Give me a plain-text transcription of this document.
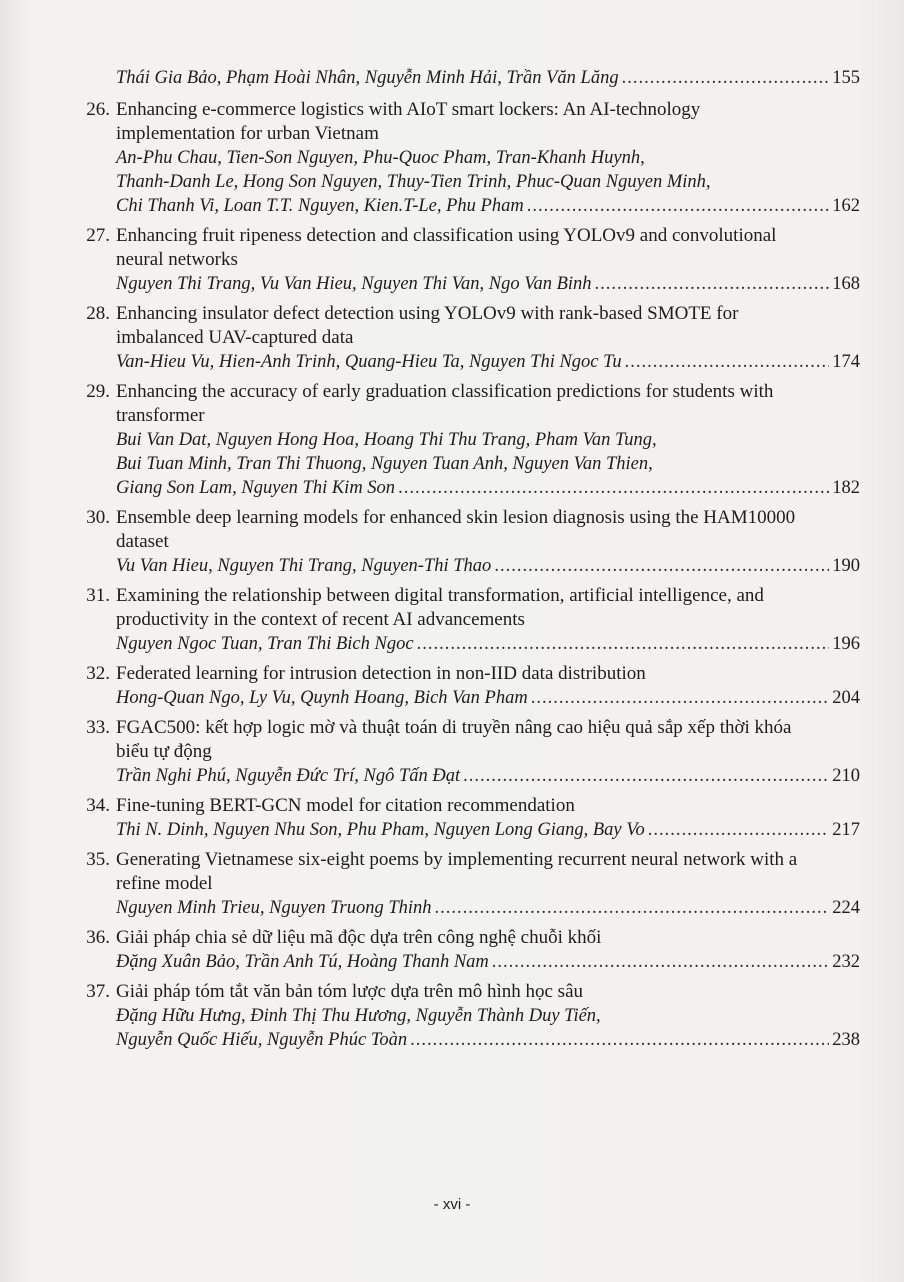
Thái Gia Bảo, Phạm Hoài Nhân, Nguyễn Minh Hải, Trần Văn Lăng .....	155
26. Enhancing e-commerce logistics with AIoT smart lockers: An AI-technology implementation for urban Vietnam
An-Phu Chau, Tien-Son Nguyen, Phu-Quoc Pham, Tran-Khanh Huynh,
Thanh-Danh Le, Hong Son Nguyen, Thuy-Tien Trinh, Phuc-Quan Nguyen Minh,
Chi Thanh Vi, Loan T.T. Nguyen, Kien.T-Le, Phu Pham .....	162
27. Enhancing fruit ripeness detection and classification using YOLOv9 and convolutional neural networks
Nguyen Thi Trang, Vu Van Hieu, Nguyen Thi Van, Ngo Van Binh .....	168
28. Enhancing insulator defect detection using YOLOv9 with rank-based SMOTE for imbalanced UAV-captured data
Van-Hieu Vu, Hien-Anh Trinh, Quang-Hieu Ta, Nguyen Thi Ngoc Tu .....	174
29. Enhancing the accuracy of early graduation classification predictions for students with transformer
Bui Van Dat, Nguyen Hong Hoa, Hoang Thi Thu Trang, Pham Van Tung,
Bui Tuan Minh, Tran Thi Thuong, Nguyen Tuan Anh, Nguyen Van Thien,
Giang Son Lam, Nguyen Thi Kim Son .....	182
30. Ensemble deep learning models for enhanced skin lesion diagnosis using the HAM10000 dataset
Vu Van Hieu, Nguyen Thi Trang, Nguyen-Thi Thao .....	190
31. Examining the relationship between digital transformation, artificial intelligence, and productivity in the context of recent AI advancements
Nguyen Ngoc Tuan, Tran Thi Bich Ngoc .....	196
32. Federated learning for intrusion detection in non-IID data distribution
Hong-Quan Ngo, Ly Vu, Quynh Hoang, Bich Van Pham .....	204
33. FGAC500: kết hợp logic mờ và thuật toán di truyền nâng cao hiệu quả sắp xếp thời khóa biểu tự động
Trần Nghi Phú, Nguyễn Đức Trí, Ngô Tấn Đạt .....	210
34. Fine-tuning BERT-GCN model for citation recommendation
Thi N. Dinh, Nguyen Nhu Son, Phu Pham, Nguyen Long Giang, Bay Vo .....	217
35. Generating Vietnamese six-eight poems by implementing recurrent neural network with a refine model
Nguyen Minh Trieu, Nguyen Truong Thinh .....	224
36. Giải pháp chia sẻ dữ liệu mã độc dựa trên công nghệ chuỗi khối
Đặng Xuân Bảo, Trần Anh Tú, Hoàng Thanh Nam .....	232
37. Giải pháp tóm tắt văn bản tóm lược dựa trên mô hình học sâu
Đặng Hữu Hưng, Đinh Thị Thu Hương, Nguyễn Thành Duy Tiến,
Nguyễn Quốc Hiếu, Nguyễn Phúc Toàn .....	238
- xvi -
